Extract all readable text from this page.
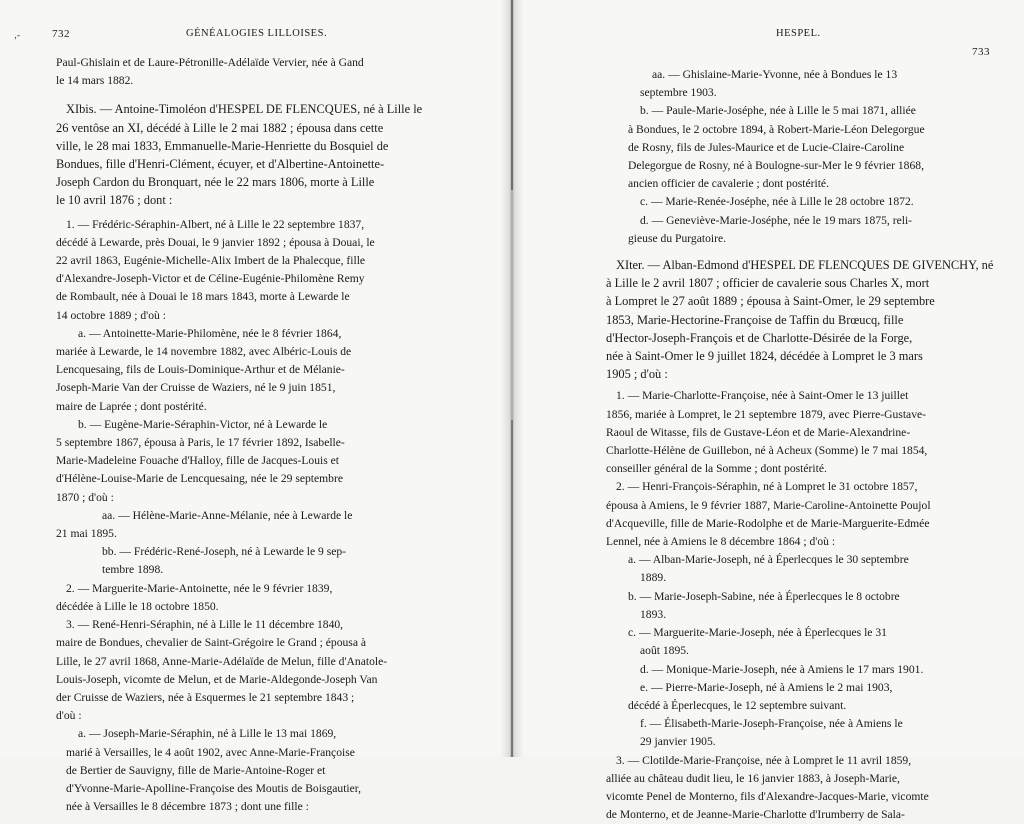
‚‐	732	GÉNÉALOGIES LILLOISES.
Paul-Ghislain et de Laure-Pétronille-Adélaïde Vervier, née à Gand
le 14 mars 1882.
XIbis. — Antoine-Timoléon d'HESPEL DE FLENCQUES, né à Lille le
26 ventôse an XI, décédé à Lille le 2 mai 1882 ; épousa dans cette
ville, le 28 mai 1833, Emmanuelle-Marie-Henriette du Bosquiel de
Bondues, fille d'Henri-Clément, écuyer, et d'Albertine-Antoinette-
Joseph Cardon du Bronquart, née le 22 mars 1806, morte à Lille
le 10 avril 1876 ; dont :
1. — Frédéric-Séraphin-Albert, né à Lille le 22 septembre 1837,
décédé à Lewarde, près Douai, le 9 janvier 1892 ; épousa à Douai, le
22 avril 1863, Eugénie-Michelle-Alix Imbert de la Phalecque, fille
d'Alexandre-Joseph-Victor et de Céline-Eugénie-Philomène Remy
de Rombault, née à Douai le 18 mars 1843, morte à Lewarde le
14 octobre 1889 ; d'où :
a. — Antoinette-Marie-Philomène, née le 8 février 1864,
mariée à Lewarde, le 14 novembre 1882, avec Albéric-Louis de
Lencquesaing, fils de Louis-Dominique-Arthur et de Mélanie-
Joseph-Marie Van der Cruisse de Waziers, né le 9 juin 1851,
maire de Laprée ; dont postérité.
b. — Eugène-Marie-Séraphin-Victor, né à Lewarde le
5 septembre 1867, épousa à Paris, le 17 février 1892, Isabelle-
Marie-Madeleine Fouache d'Halloy, fille de Jacques-Louis et
d'Hélène-Louise-Marie de Lencquesaing, née le 29 septembre
1870 ; d'où :
aa. — Hélène-Marie-Anne-Mélanie, née à Lewarde le
21 mai 1895.
bb. — Frédéric-René-Joseph, né à Lewarde le 9 sep-
tembre 1898.
2. — Marguerite-Marie-Antoinette, née le 9 février 1839,
décédée à Lille le 18 octobre 1850.
3. — René-Henri-Séraphin, né à Lille le 11 décembre 1840,
maire de Bondues, chevalier de Saint-Grégoire le Grand ; épousa à
Lille, le 27 avril 1868, Anne-Marie-Adélaïde de Melun, fille d'Anatole-
Louis-Joseph, vicomte de Melun, et de Marie-Aldegonde-Joseph Van
der Cruisse de Waziers, née à Esquermes le 21 septembre 1843 ;
d'où :
a. — Joseph-Marie-Séraphin, né à Lille le 13 mai 1869,
marié à Versailles, le 4 août 1902, avec Anne-Marie-Françoise
de Bertier de Sauvigny, fille de Marie-Antoine-Roger et
d'Yvonne-Marie-Apolline-Françoise des Moutis de Boisgautier,
née à Versailles le 8 décembre 1873 ; dont une fille :
HESPEL.
733
aa. — Ghislaine-Marie-Yvonne, née à Bondues le 13
septembre 1903.
b. — Paule-Marie-Joséphe, née à Lille le 5 mai 1871, alliée
à Bondues, le 2 octobre 1894, à Robert-Marie-Léon Delegorgue
de Rosny, fils de Jules-Maurice et de Lucie-Claire-Caroline
Delegorgue de Rosny, né à Boulogne-sur-Mer le 9 février 1868,
ancien officier de cavalerie ; dont postérité.
c. — Marie-Renée-Joséphe, née à Lille le 28 octobre 1872.
d. — Geneviève-Marie-Joséphe, née le 19 mars 1875, reli-
gieuse du Purgatoire.
XIter. — Alban-Edmond d'HESPEL DE FLENCQUES DE GIVENCHY, né
à Lille le 2 avril 1807 ; officier de cavalerie sous Charles X, mort
à Lompret le 27 août 1889 ; épousa à Saint-Omer, le 29 septembre
1853, Marie-Hectorine-Françoise de Taffin du Brœucq, fille
d'Hector-Joseph-François et de Charlotte-Désirée de la Forge,
née à Saint-Omer le 9 juillet 1824, décédée à Lompret le 3 mars
1905 ; d'où :
1. — Marie-Charlotte-Françoise, née à Saint-Omer le 13 juillet
1856, mariée à Lompret, le 21 septembre 1879, avec Pierre-Gustave-
Raoul de Witasse, fils de Gustave-Léon et de Marie-Alexandrine-
Charlotte-Hélène de Guillebon, né à Acheux (Somme) le 7 mai 1854,
conseiller général de la Somme ; dont postérité.
2. — Henri-François-Séraphin, né à Lompret le 31 octobre 1857,
épousa à Amiens, le 9 février 1887, Marie-Caroline-Antoinette Poujol
d'Acqueville, fille de Marie-Rodolphe et de Marie-Marguerite-Edmée
Lennel, née à Amiens le 8 décembre 1864 ; d'où :
a. — Alban-Marie-Joseph, né à Éperlecques le 30 septembre
1889.
b. — Marie-Joseph-Sabine, née à Éperlecques le 8 octobre
1893.
c. — Marguerite-Marie-Joseph, née à Éperlecques le 31
août 1895.
d. — Monique-Marie-Joseph, née à Amiens le 17 mars 1901.
e. — Pierre-Marie-Joseph, né à Amiens le 2 mai 1903,
décédé à Éperlecques, le 12 septembre suivant.
f. — Élisabeth-Marie-Joseph-Françoise, née à Amiens le
29 janvier 1905.
3. — Clotilde-Marie-Françoise, née à Lompret le 11 avril 1859,
alliée au château dudit lieu, le 16 janvier 1883, à Joseph-Marie,
vicomte Penel de Monterno, fils d'Alexandre-Jacques-Marie, vicomte
de Monterno, et de Jeanne-Marie-Charlotte d'Irumberry de Sala-
